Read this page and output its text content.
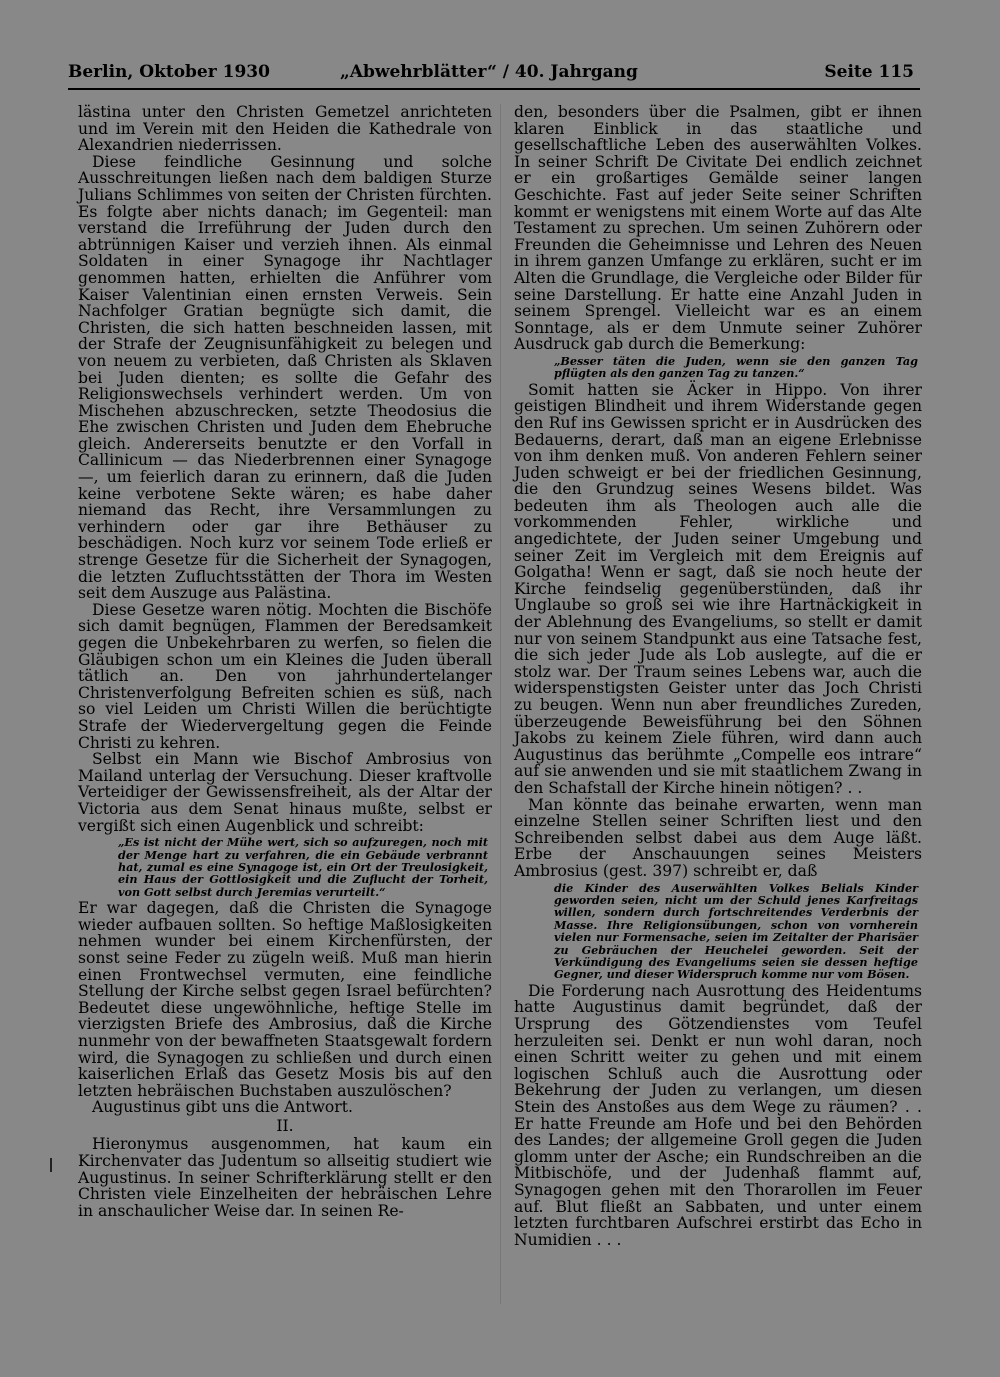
Berlin, Oktober 1930	„Abwehrblätter“ / 40. Jahrgang	Seite 115

lästina unter den Christen Gemetzel anrichteten und im Verein mit den Heiden die Kathedrale von Alexandrien niederrissen.

Diese feindliche Gesinnung und solche Ausschreitungen ließen nach dem baldigen Sturze Julians Schlimmes von seiten der Christen fürchten. Es folgte aber nichts danach; im Gegenteil: man verstand die Irreführung der Juden durch den abtrünnigen Kaiser und verzieh ihnen. Als einmal Soldaten in einer Synagoge ihr Nachtlager genommen hatten, erhielten die Anführer vom Kaiser Valentinian einen ernsten Verweis. Sein Nachfolger Gratian begnügte sich damit, die Christen, die sich hatten beschneiden lassen, mit der Strafe der Zeugnisunfähigkeit zu belegen und von neuem zu verbieten, daß Christen als Sklaven bei Juden dienten; es sollte die Gefahr des Religionswechsels verhindert werden. Um von Mischehen abzuschrecken, setzte Theodosius die Ehe zwischen Christen und Juden dem Ehebruche gleich. Andererseits benutzte er den Vorfall in Callinicum — das Niederbrennen einer Synagoge —, um feierlich daran zu erinnern, daß die Juden keine verbotene Sekte wären; es habe daher niemand das Recht, ihre Versammlungen zu verhindern oder gar ihre Bethäuser zu beschädigen. Noch kurz vor seinem Tode erließ er strenge Gesetze für die Sicherheit der Synagogen, die letzten Zufluchtsstätten der Thora im Westen seit dem Auszuge aus Palästina.

Diese Gesetze waren nötig. Mochten die Bischöfe sich damit begnügen, Flammen der Beredsamkeit gegen die Unbekehrbaren zu werfen, so fielen die Gläubigen schon um ein Kleines die Juden überall tätlich an. Den von jahrhundertelanger Christenverfolgung Befreiten schien es süß, nach so viel Leiden um Christi Willen die berüchtigte Strafe der Wiedervergeltung gegen die Feinde Christi zu kehren.

Selbst ein Mann wie Bischof Ambrosius von Mailand unterlag der Versuchung. Dieser kraftvolle Verteidiger der Gewissensfreiheit, als der Altar der Victoria aus dem Senat hinaus mußte, selbst er vergißt sich einen Augenblick und schreibt:

„Es ist nicht der Mühe wert, sich so aufzuregen, noch mit der Menge hart zu verfahren, die ein Gebäude verbrannt hat, zumal es eine Synagoge ist, ein Ort der Treulosigkeit, ein Haus der Gottlosigkeit und die Zuflucht der Torheit, von Gott selbst durch Jeremias verurteilt.“

Er war dagegen, daß die Christen die Synagoge wieder aufbauen sollten. So heftige Maßlosigkeiten nehmen wunder bei einem Kirchenfürsten, der sonst seine Feder zu zügeln weiß. Muß man hierin einen Frontwechsel vermuten, eine feindliche Stellung der Kirche selbst gegen Israel befürchten? Bedeutet diese ungewöhnliche, heftige Stelle im vierzigsten Briefe des Ambrosius, daß die Kirche nunmehr von der bewaffneten Staatsgewalt fordern wird, die Synagogen zu schließen und durch einen kaiserlichen Erlaß das Gesetz Mosis bis auf den letzten hebräischen Buchstaben auszulöschen?

Augustinus gibt uns die Antwort.

II.

Hieronymus ausgenommen, hat kaum ein Kirchenvater das Judentum so allseitig studiert wie Augustinus. In seiner Schrifterklärung stellt er den Christen viele Einzelheiten der hebräischen Lehre in anschaulicher Weise dar. In seinen Re-

den, besonders über die Psalmen, gibt er ihnen klaren Einblick in das staatliche und gesellschaftliche Leben des auserwählten Volkes. In seiner Schrift De Civitate Dei endlich zeichnet er ein großartiges Gemälde seiner langen Geschichte. Fast auf jeder Seite seiner Schriften kommt er wenigstens mit einem Worte auf das Alte Testament zu sprechen. Um seinen Zuhörern oder Freunden die Geheimnisse und Lehren des Neuen in ihrem ganzen Umfange zu erklären, sucht er im Alten die Grundlage, die Vergleiche oder Bilder für seine Darstellung. Er hatte eine Anzahl Juden in seinem Sprengel. Vielleicht war es an einem Sonntage, als er dem Unmute seiner Zuhörer Ausdruck gab durch die Bemerkung:

„Besser täten die Juden, wenn sie den ganzen Tag pflügten als den ganzen Tag zu tanzen.“

Somit hatten sie Äcker in Hippo. Von ihrer geistigen Blindheit und ihrem Widerstande gegen den Ruf ins Gewissen spricht er in Ausdrücken des Bedauerns, derart, daß man an eigene Erlebnisse von ihm denken muß. Von anderen Fehlern seiner Juden schweigt er bei der friedlichen Gesinnung, die den Grundzug seines Wesens bildet. Was bedeuten ihm als Theologen auch alle die vorkommenden Fehler, wirkliche und angedichtete, der Juden seiner Umgebung und seiner Zeit im Vergleich mit dem Ereignis auf Golgatha! Wenn er sagt, daß sie noch heute der Kirche feindselig gegenüberstünden, daß ihr Unglaube so groß sei wie ihre Hartnäckigkeit in der Ablehnung des Evangeliums, so stellt er damit nur von seinem Standpunkt aus eine Tatsache fest, die sich jeder Jude als Lob auslegte, auf die er stolz war. Der Traum seines Lebens war, auch die widerspenstigsten Geister unter das Joch Christi zu beugen. Wenn nun aber freundliches Zureden, überzeugende Beweisführung bei den Söhnen Jakobs zu keinem Ziele führen, wird dann auch Augustinus das berühmte „Compelle eos intrare“ auf sie anwenden und sie mit staatlichem Zwang in den Schafstall der Kirche hinein nötigen? . .

Man könnte das beinahe erwarten, wenn man einzelne Stellen seiner Schriften liest und den Schreibenden selbst dabei aus dem Auge läßt. Erbe der Anschauungen seines Meisters Ambrosius (gest. 397) schreibt er, daß

die Kinder des Auserwählten Volkes Belials Kinder geworden seien, nicht um der Schuld jenes Karfreitags willen, sondern durch fortschreitendes Verderbnis der Masse. Ihre Religionsübungen, schon von vornherein vielen nur Formensache, seien im Zeitalter der Pharisäer zu Gebräuchen der Heuchelei geworden. Seit der Verkündigung des Evangeliums seien sie dessen heftige Gegner, und dieser Widerspruch komme nur vom Bösen.

Die Forderung nach Ausrottung des Heidentums hatte Augustinus damit begründet, daß der Ursprung des Götzendienstes vom Teufel herzuleiten sei. Denkt er nun wohl daran, noch einen Schritt weiter zu gehen und mit einem logischen Schluß auch die Ausrottung oder Bekehrung der Juden zu verlangen, um diesen Stein des Anstoßes aus dem Wege zu räumen? . . Er hatte Freunde am Hofe und bei den Behörden des Landes; der allgemeine Groll gegen die Juden glomm unter der Asche; ein Rundschreiben an die Mitbischöfe, und der Judenhaß flammt auf, Synagogen gehen mit den Thorarollen im Feuer auf. Blut fließt an Sabbaten, und unter einem letzten furchtbaren Aufschrei erstirbt das Echo in Numidien . . .
